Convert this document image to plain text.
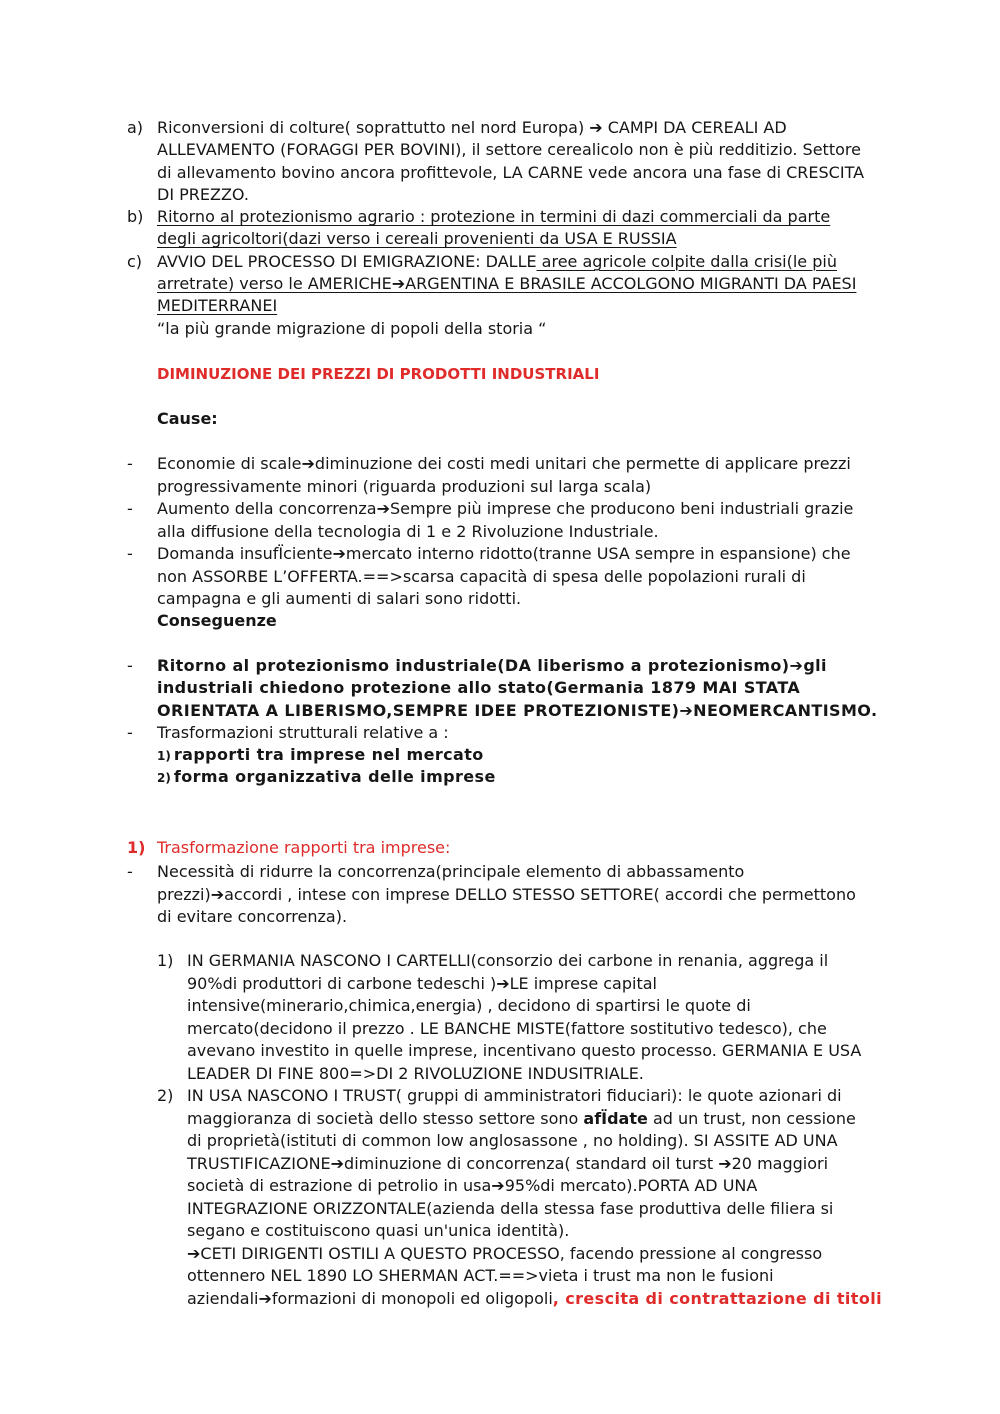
a) Riconversioni di colture( soprattutto nel nord Europa) ➔ CAMPI DA CEREALI AD
ALLEVAMENTO (FORAGGI PER BOVINI), il settore cerealicolo non è più redditizio. Settore
di allevamento bovino ancora profittevole, LA CARNE vede ancora una fase di CRESCITA
DI PREZZO.
b) Ritorno al protezionismo agrario : protezione in termini di dazi commerciali da parte
degli agricoltori(dazi verso i cereali provenienti da USA E RUSSIA
c) AVVIO DEL PROCESSO DI EMIGRAZIONE: DALLE aree agricole colpite dalla crisi(le più
arretrate) verso le AMERICHE➔ARGENTINA E BRASILE ACCOLGONO MIGRANTI DA PAESI
MEDITERRANEI
“la più grande migrazione di popoli della storia “
DIMINUZIONE DEI PREZZI DI PRODOTTI INDUSTRIALI
Cause:
- Economie di scale➔diminuzione dei costi medi unitari che permette di applicare prezzi
progressivamente minori (riguarda produzioni sul larga scala)
- Aumento della concorrenza➔Sempre più imprese che producono beni industriali grazie
alla diffusione della tecnologia di 1 e 2 Rivoluzione Industriale.
- Domanda insufÏciente➔mercato interno ridotto(tranne USA sempre in espansione) che
non ASSORBE L’OFFERTA.==>scarsa capacità di spesa delle popolazioni rurali di
campagna e gli aumenti di salari sono ridotti.
Conseguenze
- Ritorno al protezionismo industriale(DA liberismo a protezionismo)➔gli
industriali chiedono protezione allo stato(Germania 1879 MAI STATA
ORIENTATA A LIBERISMO,SEMPRE IDEE PROTEZIONISTE)➔NEOMERCANTISMO.
- Trasformazioni strutturali relative a :
1) rapporti tra imprese nel mercato
2) forma organizzativa delle imprese
1) Trasformazione rapporti tra imprese:
- Necessità di ridurre la concorrenza(principale elemento di abbassamento
prezzi)➔accordi , intese con imprese DELLO STESSO SETTORE( accordi che permettono
di evitare concorrenza).
1) IN GERMANIA NASCONO I CARTELLI(consorzio dei carbone in renania, aggrega il
90%di produttori di carbone tedeschi )➔LE imprese capital
intensive(minerario,chimica,energia) , decidono di spartirsi le quote di
mercato(decidono il prezzo . LE BANCHE MISTE(fattore sostitutivo tedesco), che
avevano investito in quelle imprese, incentivano questo processo. GERMANIA E USA
LEADER DI FINE 800=>DI 2 RIVOLUZIONE INDUSITRIALE.
2) IN USA NASCONO I TRUST( gruppi di amministratori fiduciari): le quote azionari di
maggioranza di società dello stesso settore sono afÏdate ad un trust, non cessione
di proprietà(istituti di common low anglosassone , no holding). SI ASSITE AD UNA
TRUSTIFICAZIONE➔diminuzione di concorrenza( standard oil turst ➔20 maggiori
società di estrazione di petrolio in usa➔95%di mercato).PORTA AD UNA
INTEGRAZIONE ORIZZONTALE(azienda della stessa fase produttiva delle filiera si
segano e costituiscono quasi un'unica identità).
➔CETI DIRIGENTI OSTILI A QUESTO PROCESSO, facendo pressione al congresso
ottennero NEL 1890 LO SHERMAN ACT.==>vieta i trust ma non le fusioni
aziendali➔formazioni di monopoli ed oligopoli, crescita di contrattazione di titoli
